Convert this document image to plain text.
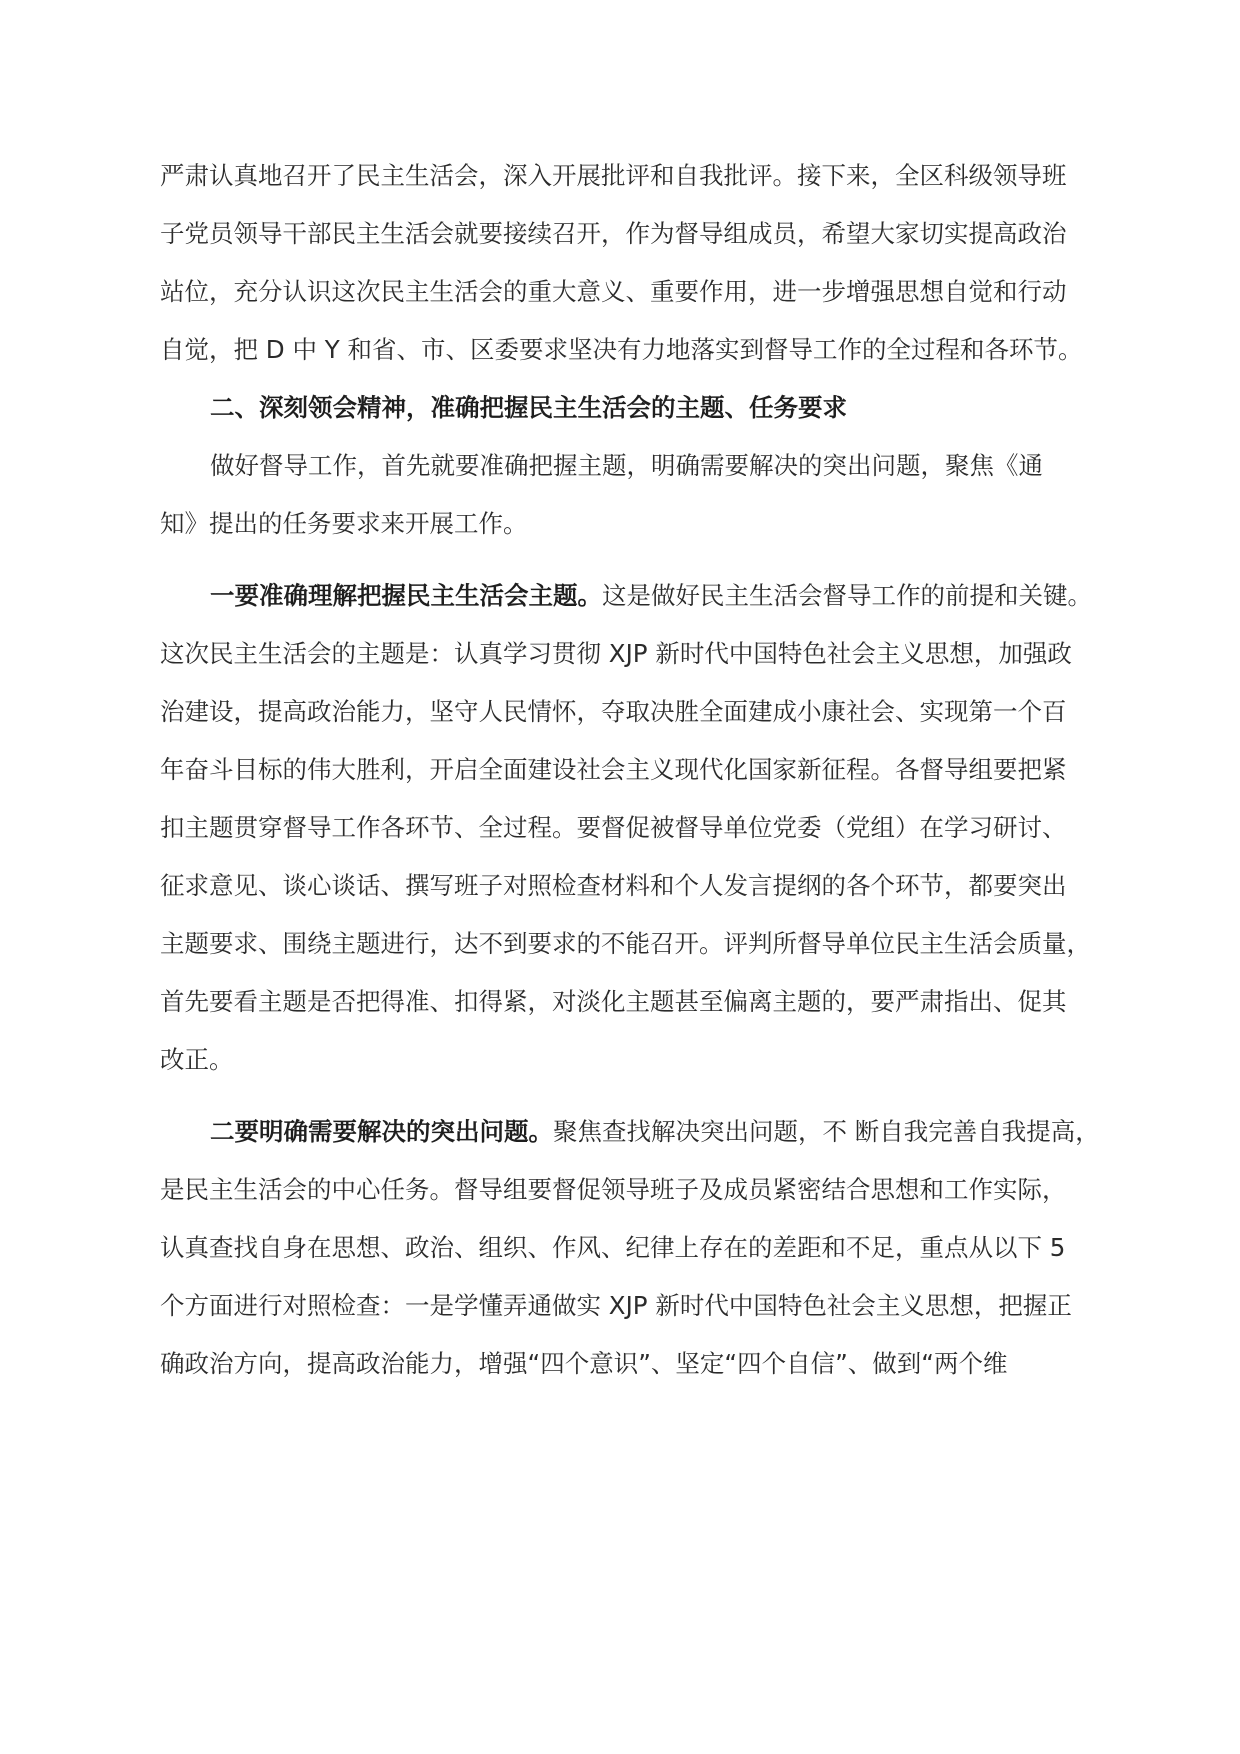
严肃认真地召开了民主生活会，深入开展批评和自我批评。接下来，全区科级领导班
子党员领导干部民主生活会就要接续召开，作为督导组成员，希望大家切实提高政治
站位，充分认识这次民主生活会的重大意义、重要作用，进一步增强思想自觉和行动
自觉，把 D 中 Y 和省、市、区委要求坚决有力地落实到督导工作的全过程和各环节。
二、深刻领会精神，准确把握民主生活会的主题、任务要求
做好督导工作，首先就要准确把握主题，明确需要解决的突出问题，聚焦《通
知》提出的任务要求来开展工作。
一要准确理解把握民主生活会主题。这是做好民主生活会督导工作的前提和关键。
这次民主生活会的主题是：认真学习贯彻 XJP 新时代中国特色社会主义思想，加强政
治建设，提高政治能力，坚守人民情怀，夺取决胜全面建成小康社会、实现第一个百
年奋斗目标的伟大胜利，开启全面建设社会主义现代化国家新征程。各督导组要把紧
扣主题贯穿督导工作各环节、全过程。要督促被督导单位党委（党组）在学习研讨、
征求意见、谈心谈话、撰写班子对照检查材料和个人发言提纲的各个环节，都要突出
主题要求、围绕主题进行，达不到要求的不能召开。评判所督导单位民主生活会质量，
首先要看主题是否把得准、扣得紧，对淡化主题甚至偏离主题的，要严肃指出、促其
改正。
二要明确需要解决的突出问题。聚焦查找解决突出问题，不 断自我完善自我提高，
是民主生活会的中心任务。督导组要督促领导班子及成员紧密结合思想和工作实际，
认真查找自身在思想、政治、组织、作风、纪律上存在的差距和不足，重点从以下 5
个方面进行对照检查：一是学懂弄通做实 XJP 新时代中国特色社会主义思想，把握正
确政治方向，提高政治能力，增强“四个意识”、坚定“四个自信”、做到“两个维
